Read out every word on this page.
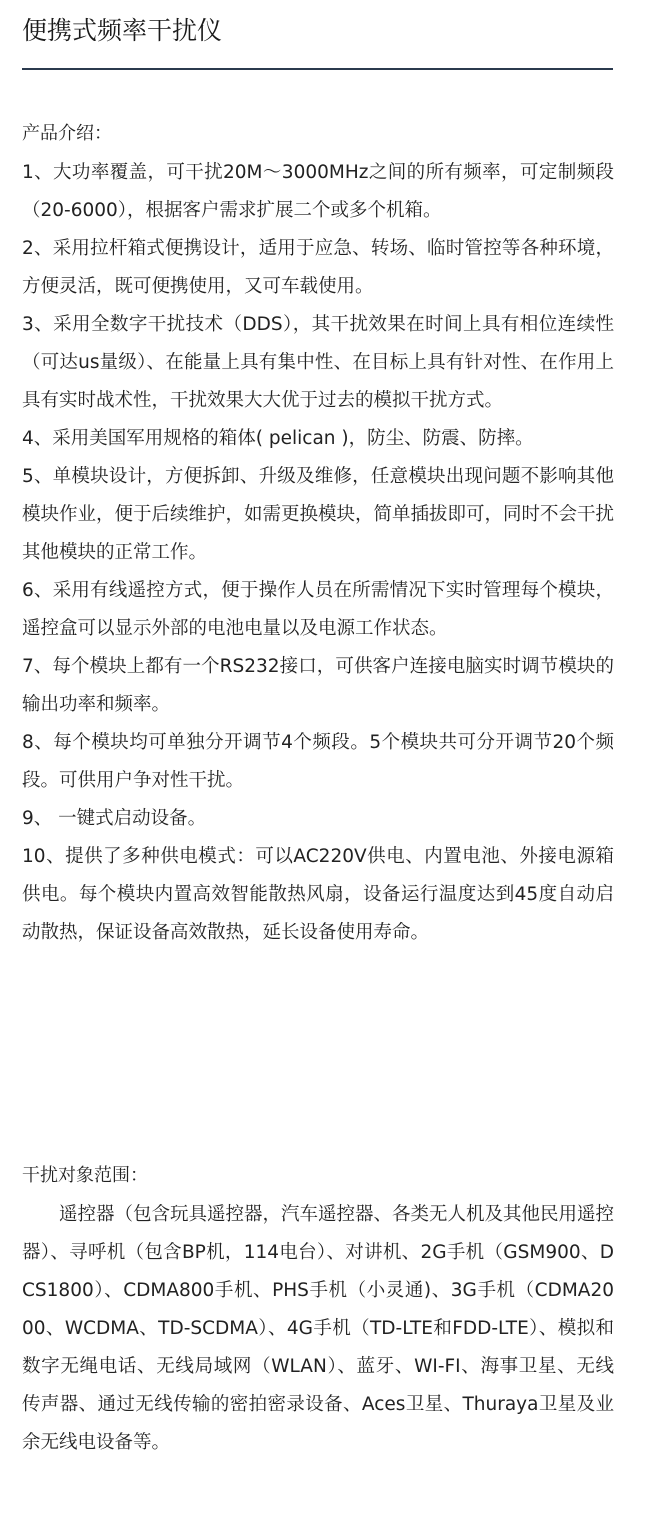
便携式频率干扰仪
产品介绍：

1、大功率覆盖，可干扰20M～3000MHz之间的所有频率，可定制频段（20-6000），根据客户需求扩展二个或多个机箱。

2、采用拉杆箱式便携设计，适用于应急、转场、临时管控等各种环境，方便灵活，既可便携使用，又可车载使用。

3、采用全数字干扰技术（DDS），其干扰效果在时间上具有相位连续性（可达us量级）、在能量上具有集中性、在目标上具有针对性、在作用上具有实时战术性，干扰效果大大优于过去的模拟干扰方式。

4、采用美国军用规格的箱体( pelican )，防尘、防震、防摔。

5、单模块设计，方便拆卸、升级及维修，任意模块出现问题不影响其他模块作业，便于后续维护，如需更换模块，简单插拔即可，同时不会干扰其他模块的正常工作。

6、采用有线遥控方式，便于操作人员在所需情况下实时管理每个模块，遥控盒可以显示外部的电池电量以及电源工作状态。

7、每个模块上都有一个RS232接口，可供客户连接电脑实时调节模块的输出功率和频率。

8、每个模块均可单独分开调节4个频段。5个模块共可分开调节20个频段。可供用户争对性干扰。

9、 一键式启动设备。

10、提供了多种供电模式：可以AC220V供电、内置电池、外接电源箱供电。每个模块内置高效智能散热风扇，设备运行温度达到45度自动启动散热，保证设备高效散热，延长设备使用寿命。

干扰对象范围：

遥控器（包含玩具遥控器，汽车遥控器、各类无人机及其他民用遥控器）、寻呼机（包含BP机，114电台）、对讲机、2G手机（GSM900、DCS1800）、CDMA800手机、PHS手机（小灵通)、3G手机（CDMA2000、WCDMA、TD-SCDMA）、4G手机（TD-LTE和FDD-LTE）、模拟和数字无绳电话、无线局域网（WLAN）、蓝牙、WI-FI、海事卫星、无线传声器、通过无线传输的密拍密录设备、Aces卫星、Thuraya卫星及业余无线电设备等。
